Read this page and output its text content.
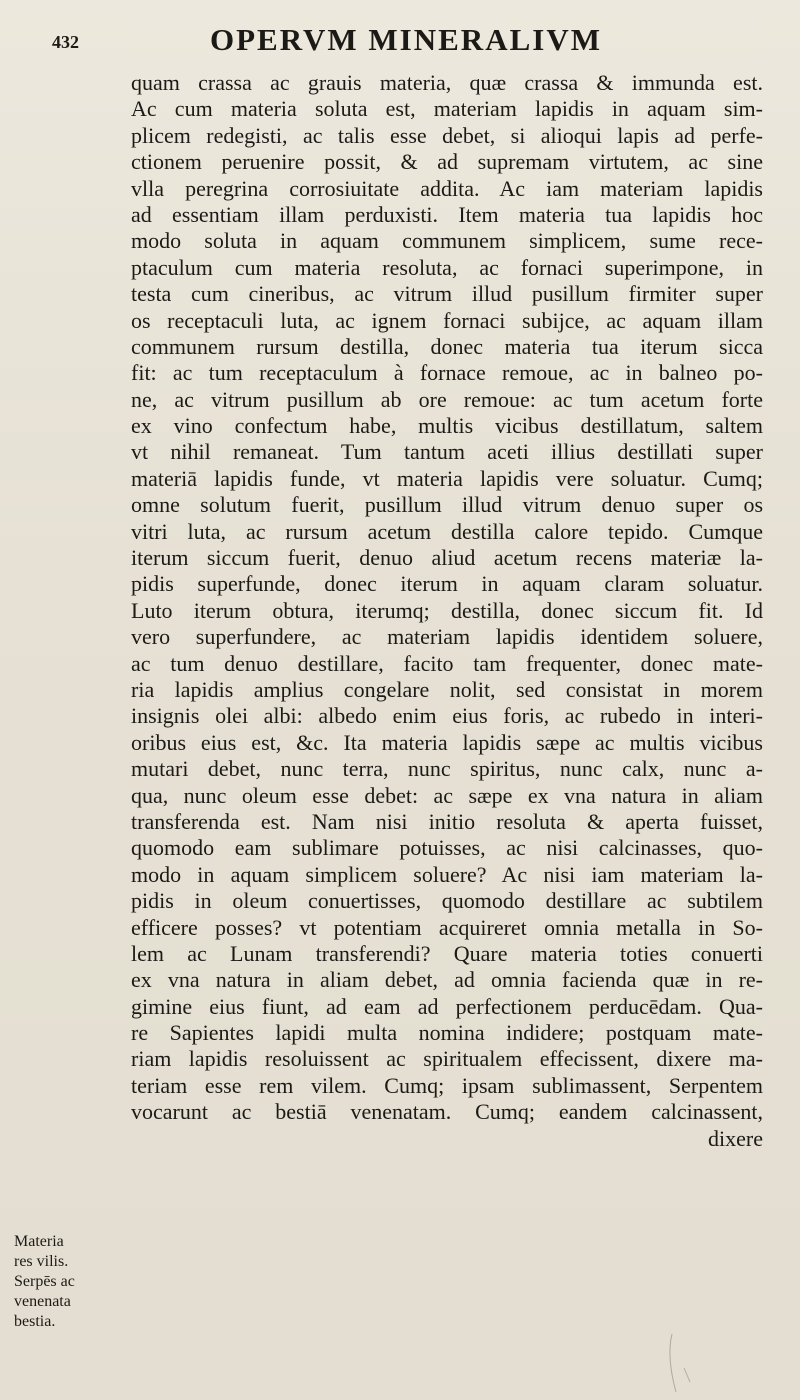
432	OPERVM MINERALIVM
quam crassa ac grauis materia, quæ crassa & immunda est.
Ac cum materia soluta est, materiam lapidis in aquam sim-
plicem redegisti, ac talis esse debet, si alioqui lapis ad perfe-
ctionem peruenire possit, & ad supremam virtutem, ac sine
vlla peregrina corrosiuitate addita. Ac iam materiam lapidis
ad essentiam illam perduxisti. Item materia tua lapidis hoc
modo soluta in aquam communem simplicem, sume rece-
ptaculum cum materia resoluta, ac fornaci superimpone, in
testa cum cineribus, ac vitrum illud pusillum firmiter super
os receptaculi luta, ac ignem fornaci subijce, ac aquam illam
communem rursum destilla, donec materia tua iterum sicca
fit: ac tum receptaculum à fornace remoue, ac in balneo po-
ne, ac vitrum pusillum ab ore remoue: ac tum acetum forte
ex vino confectum habe, multis vicibus destillatum, saltem
vt nihil remaneat. Tum tantum aceti illius destillati super
materiā lapidis funde, vt materia lapidis vere soluatur. Cumq;
omne solutum fuerit, pusillum illud vitrum denuo super os
vitri luta, ac rursum acetum destilla calore tepido. Cumque
iterum siccum fuerit, denuo aliud acetum recens materiæ la-
pidis superfunde, donec iterum in aquam claram soluatur.
Luto iterum obtura, iterumq; destilla, donec siccum fit. Id
vero superfundere, ac materiam lapidis identidem soluere,
ac tum denuo destillare, facito tam frequenter, donec mate-
ria lapidis amplius congelare nolit, sed consistat in morem
insignis olei albi: albedo enim eius foris, ac rubedo in interi-
oribus eius est, &c. Ita materia lapidis sæpe ac multis vicibus
mutari debet, nunc terra, nunc spiritus, nunc calx, nunc a-
qua, nunc oleum esse debet: ac sæpe ex vna natura in aliam
transferenda est. Nam nisi initio resoluta & aperta fuisset,
quomodo eam sublimare potuisses, ac nisi calcinasses, quo-
modo in aquam simplicem soluere? Ac nisi iam materiam la-
pidis in oleum conuertisses, quomodo destillare ac subtilem
efficere posses? vt potentiam acquireret omnia metalla in So-
lem ac Lunam transferendi? Quare materia toties conuerti
ex vna natura in aliam debet, ad omnia facienda quæ in re-
gimine eius fiunt, ad eam ad perfectionem perducēdam. Qua-
re Sapientes lapidi multa nomina indidere; postquam mate-
riam lapidis resoluissent ac spiritualem effecissent, dixere ma-
teriam esse rem vilem. Cumq; ipsam sublimassent, Serpentem
vocarunt ac bestiā venenatam. Cumq; eandem calcinassent,
dixere
Materia
res vilis.
Serpēs ac
venenata
bestia.
